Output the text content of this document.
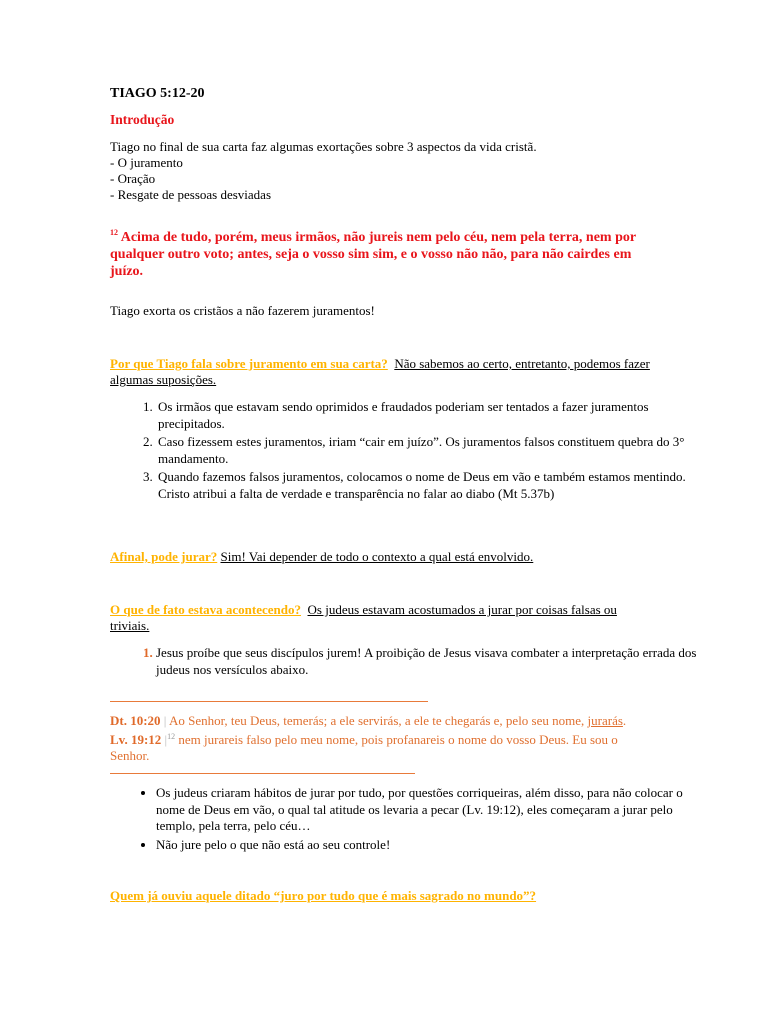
TIAGO 5:12-20
Introdução
Tiago no final de sua carta faz algumas exortações sobre 3 aspectos da vida cristã.
- O juramento
- Oração
- Resgate de pessoas desviadas
$^{12}$ Acima de tudo, porém, meus irmãos, não jureis nem pelo céu, nem pela terra, nem por qualquer outro voto; antes, seja o vosso sim sim, e o vosso não não, para não cairdes em juízo.
Tiago exorta os cristãos a não fazerem juramentos!
Por que Tiago fala sobre juramento em sua carta? Não sabemos ao certo, entretanto, podemos fazer algumas suposições.
1. Os irmãos que estavam sendo oprimidos e fraudados poderiam ser tentados a fazer juramentos precipitados.
2. Caso fizessem estes juramentos, iriam “cair em juízo”. Os juramentos falsos constituem quebra do 3° mandamento.
3. Quando fazemos falsos juramentos, colocamos o nome de Deus em vão e também estamos mentindo. Cristo atribui a falta de verdade e transparência no falar ao diabo (Mt 5.37b)
Afinal, pode jurar? Sim! Vai depender de todo o contexto a qual está envolvido.
O que de fato estava acontecendo? Os judeus estavam acostumados a jurar por coisas falsas ou triviais.
1. Jesus proíbe que seus discípulos jurem! A proibição de Jesus visava combater a interpretação errada dos judeus nos versículos abaixo.
Dt. 10:20 | Ao Senhor, teu Deus, temerás; a ele servirás, a ele te chegarás e, pelo seu nome, jurarás.
Lv. 19:12 $|^{12}$ nem jurareis falso pelo meu nome, pois profanareis o nome do vosso Deus. Eu sou o Senhor.
• Os judeus criaram hábitos de jurar por tudo, por questões corriqueiras, além disso, para não colocar o nome de Deus em vão, o qual tal atitude os levaria a pecar (Lv. 19:12), eles começaram a jurar pelo templo, pela terra, pelo céu…
• Não jure pelo o que não está ao seu controle!
Quem já ouviu aquele ditado “juro por tudo que é mais sagrado no mundo”?
